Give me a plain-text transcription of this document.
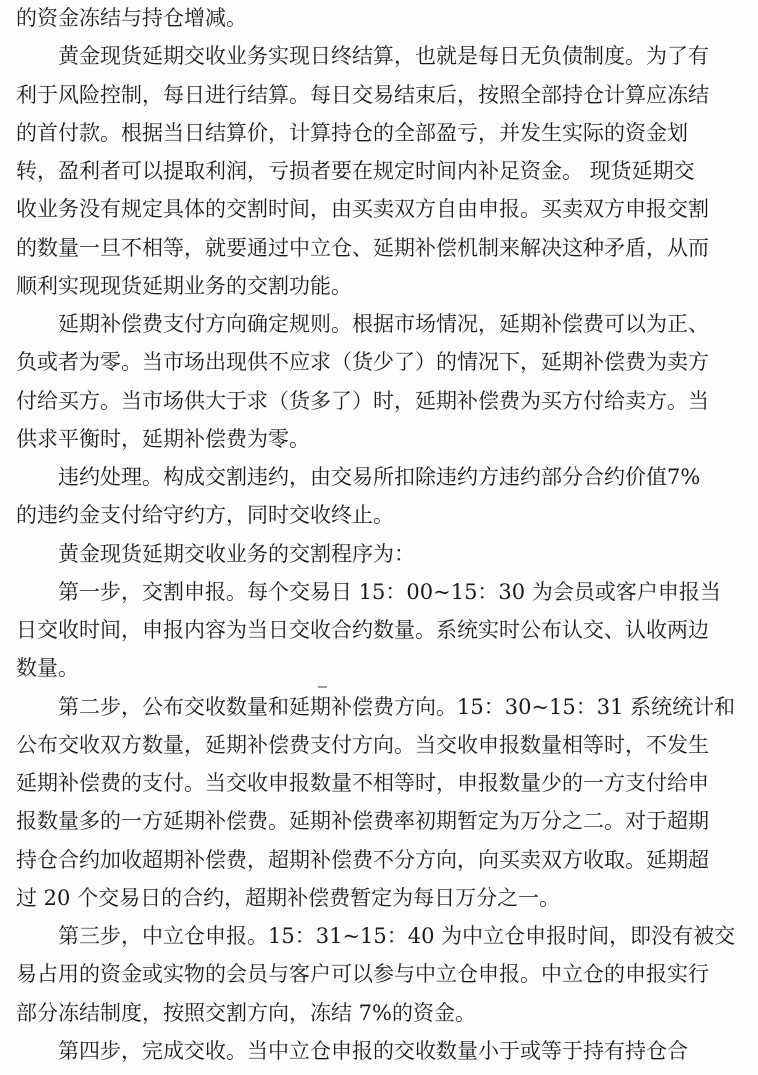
的资金冻结与持仓增减。
黄金现货延期交收业务实现日终结算，也就是每日无负债制度。为了有
利于风险控制，每日进行结算。每日交易结束后，按照全部持仓计算应冻结
的首付款。根据当日结算价，计算持仓的全部盈亏，并发生实际的资金划
转，盈利者可以提取利润，亏损者要在规定时间内补足资金。 现货延期交
收业务没有规定具体的交割时间，由买卖双方自由申报。买卖双方申报交割
的数量一旦不相等，就要通过中立仓、延期补偿机制来解决这种矛盾，从而
顺利实现现货延期业务的交割功能。
延期补偿费支付方向确定规则。根据市场情况，延期补偿费可以为正、
负或者为零。当市场出现供不应求（货少了）的情况下，延期补偿费为卖方
付给买方。当市场供大于求（货多了）时，延期补偿费为买方付给卖方。当
供求平衡时，延期补偿费为零。
违约处理。构成交割违约，由交易所扣除违约方违约部分合约价值7%
的违约金支付给守约方，同时交收终止。
黄金现货延期交收业务的交割程序为：
第一步，交割申报。每个交易日 15：00~15：30 为会员或客户申报当
日交收时间，申报内容为当日交收合约数量。系统实时公布认交、认收两边
数量。
第二步，公布交收数量和延期补偿费方向。15：30~15：31 系统统计和
公布交收双方数量，延期补偿费支付方向。当交收申报数量相等时，不发生
延期补偿费的支付。当交收申报数量不相等时，申报数量少的一方支付给申
报数量多的一方延期补偿费。延期补偿费率初期暂定为万分之二。对于超期
持仓合约加收超期补偿费，超期补偿费不分方向，向买卖双方收取。延期超
过 20 个交易日的合约，超期补偿费暂定为每日万分之一。
第三步，中立仓申报。15：31~15：40 为中立仓申报时间，即没有被交
易占用的资金或实物的会员与客户可以参与中立仓申报。中立仓的申报实行
部分冻结制度，按照交割方向，冻结 7%的资金。
第四步，完成交收。当中立仓申报的交收数量小于或等于持有持仓合
